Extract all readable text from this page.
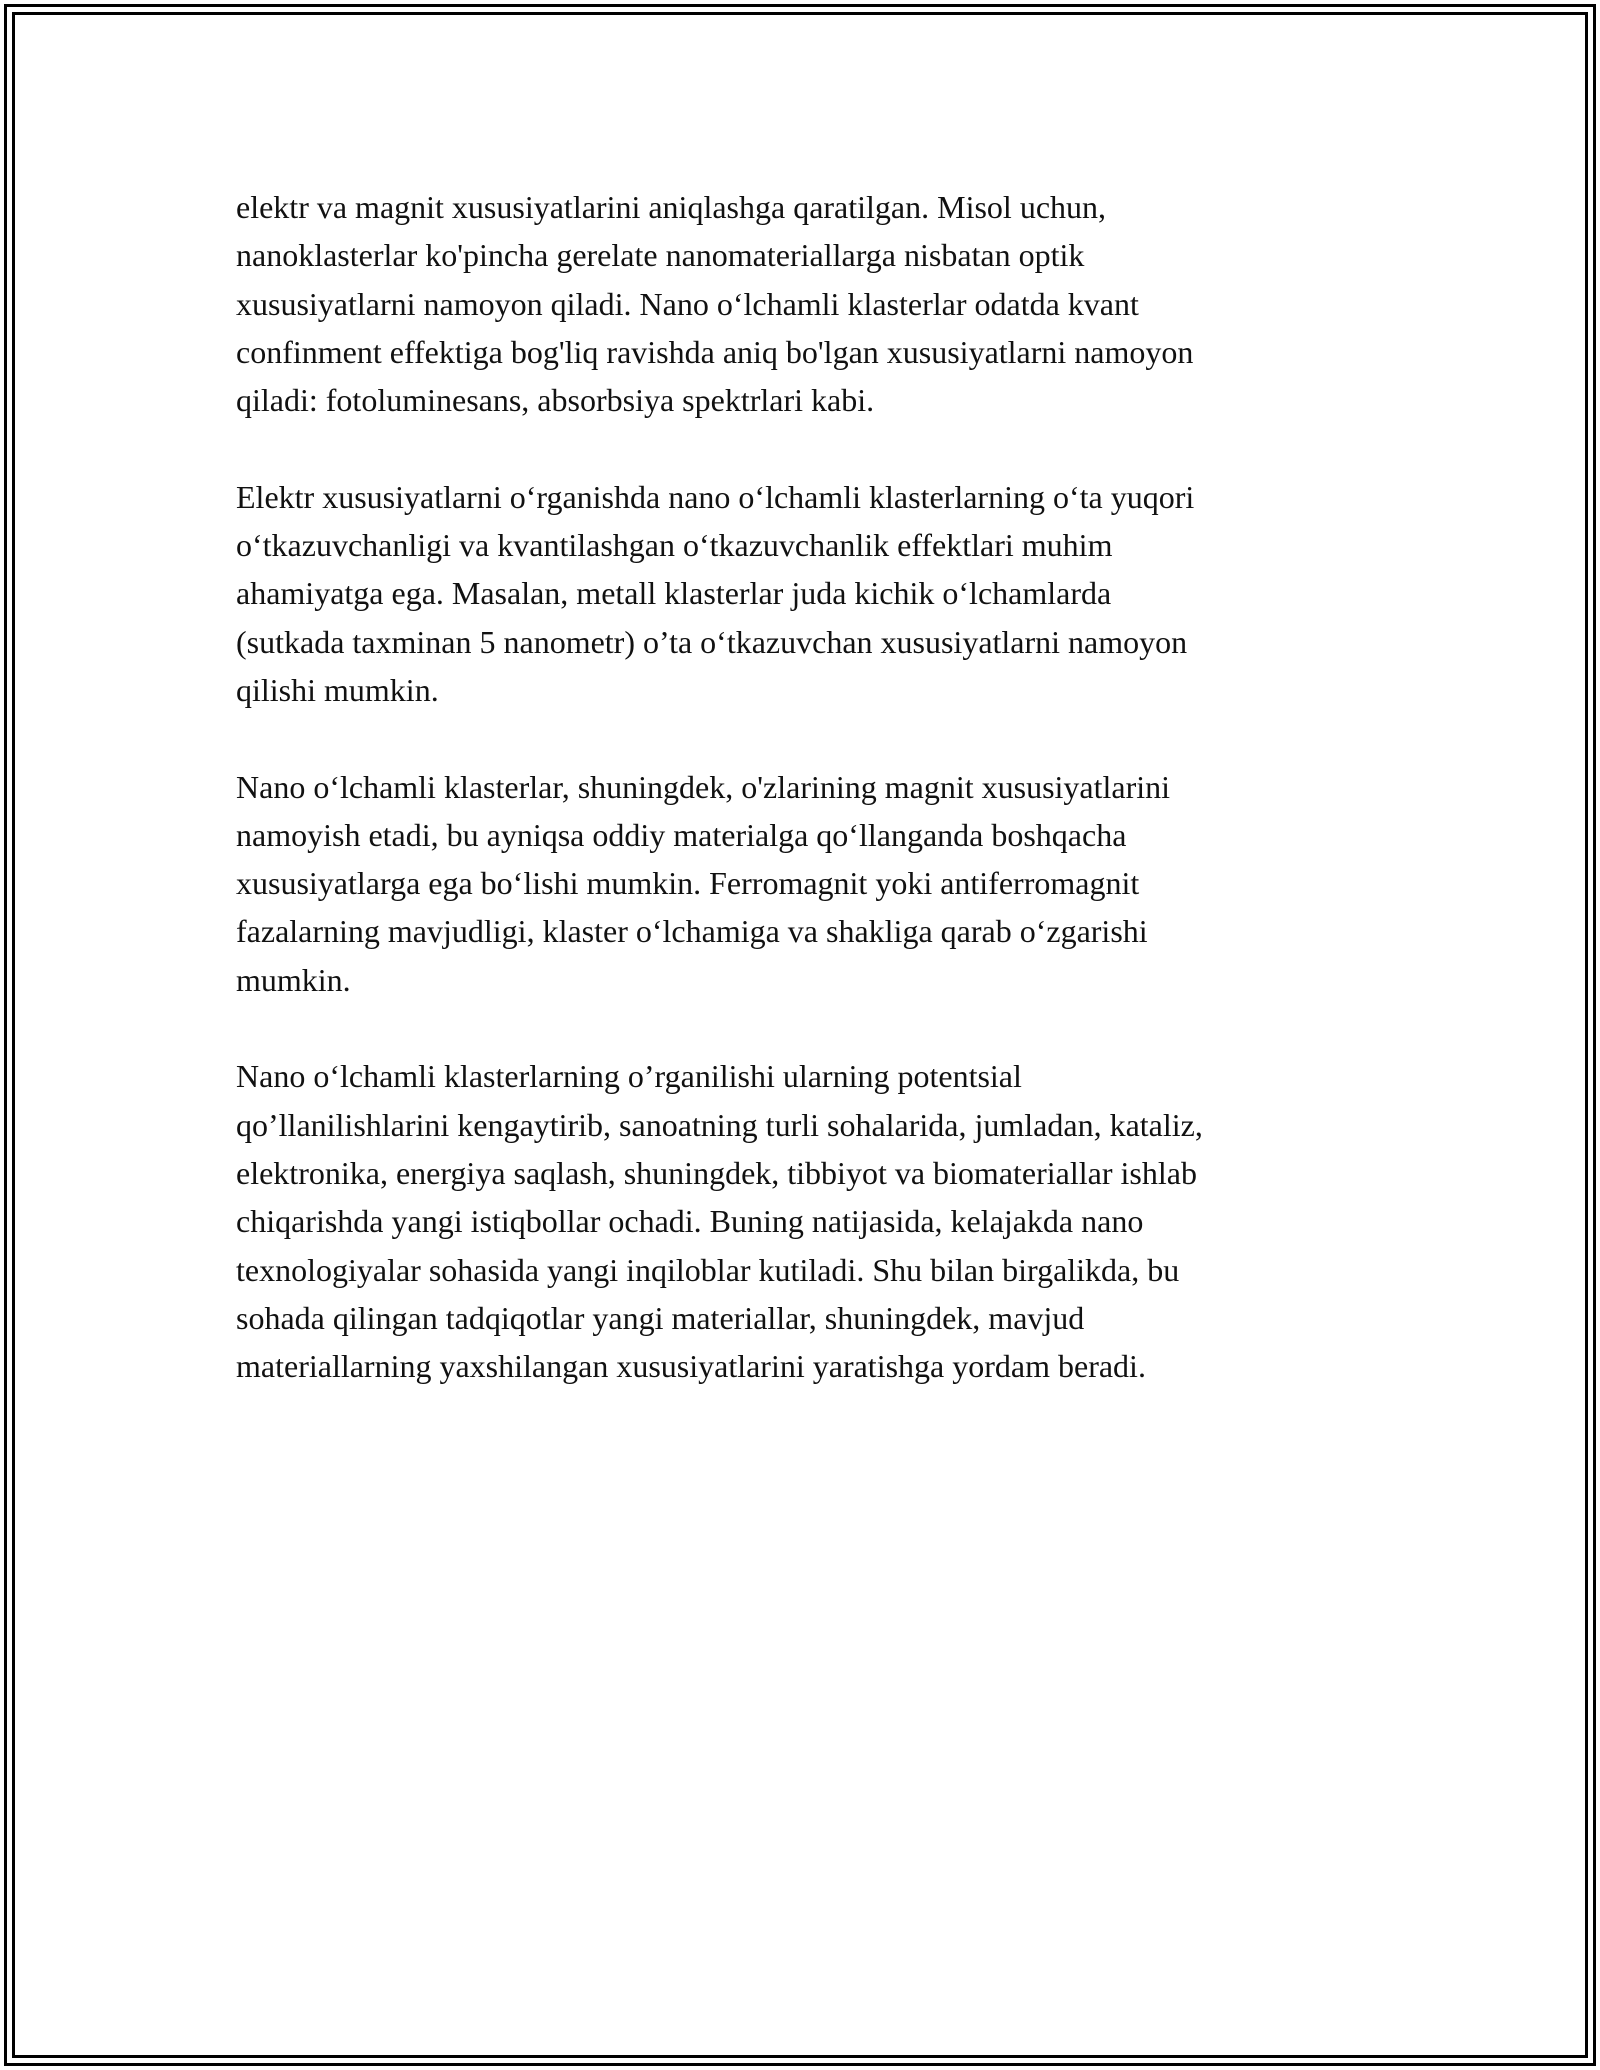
elektr va magnit xususiyatlarini aniqlashga qaratilgan. Misol uchun,
nanoklasterlar ko'pincha gerelate nanomateriallarga nisbatan optik
xususiyatlarni namoyon qiladi. Nano o‘lchamli klasterlar odatda kvant
confinment effektiga bog'liq ravishda aniq bo'lgan xususiyatlarni namoyon
qiladi: fotoluminesans, absorbsiya spektrlari kabi.

Elektr xususiyatlarni o‘rganishda nano o‘lchamli klasterlarning o‘ta yuqori
o‘tkazuvchanligi va kvantilashgan o‘tkazuvchanlik effektlari muhim
ahamiyatga ega. Masalan, metall klasterlar juda kichik o‘lchamlarda
(sutkada taxminan 5 nanometr) o’ta o‘tkazuvchan xususiyatlarni namoyon
qilishi mumkin.

Nano o‘lchamli klasterlar, shuningdek, o'zlarining magnit xususiyatlarini
namoyish etadi, bu ayniqsa oddiy materialga qo‘llanganda boshqacha
xususiyatlarga ega bo‘lishi mumkin. Ferromagnit yoki antiferromagnit
fazalarning mavjudligi, klaster o‘lchamiga va shakliga qarab o‘zgarishi
mumkin.

Nano o‘lchamli klasterlarning o’rganilishi ularning potentsial
qo’llanilishlarini kengaytirib, sanoatning turli sohalarida, jumladan, kataliz,
elektronika, energiya saqlash, shuningdek, tibbiyot va biomateriallar ishlab
chiqarishda yangi istiqbollar ochadi. Buning natijasida, kelajakda nano
texnologiyalar sohasida yangi inqiloblar kutiladi. Shu bilan birgalikda, bu
sohada qilingan tadqiqotlar yangi materiallar, shuningdek, mavjud
materiallarning yaxshilangan xususiyatlarini yaratishga yordam beradi.
